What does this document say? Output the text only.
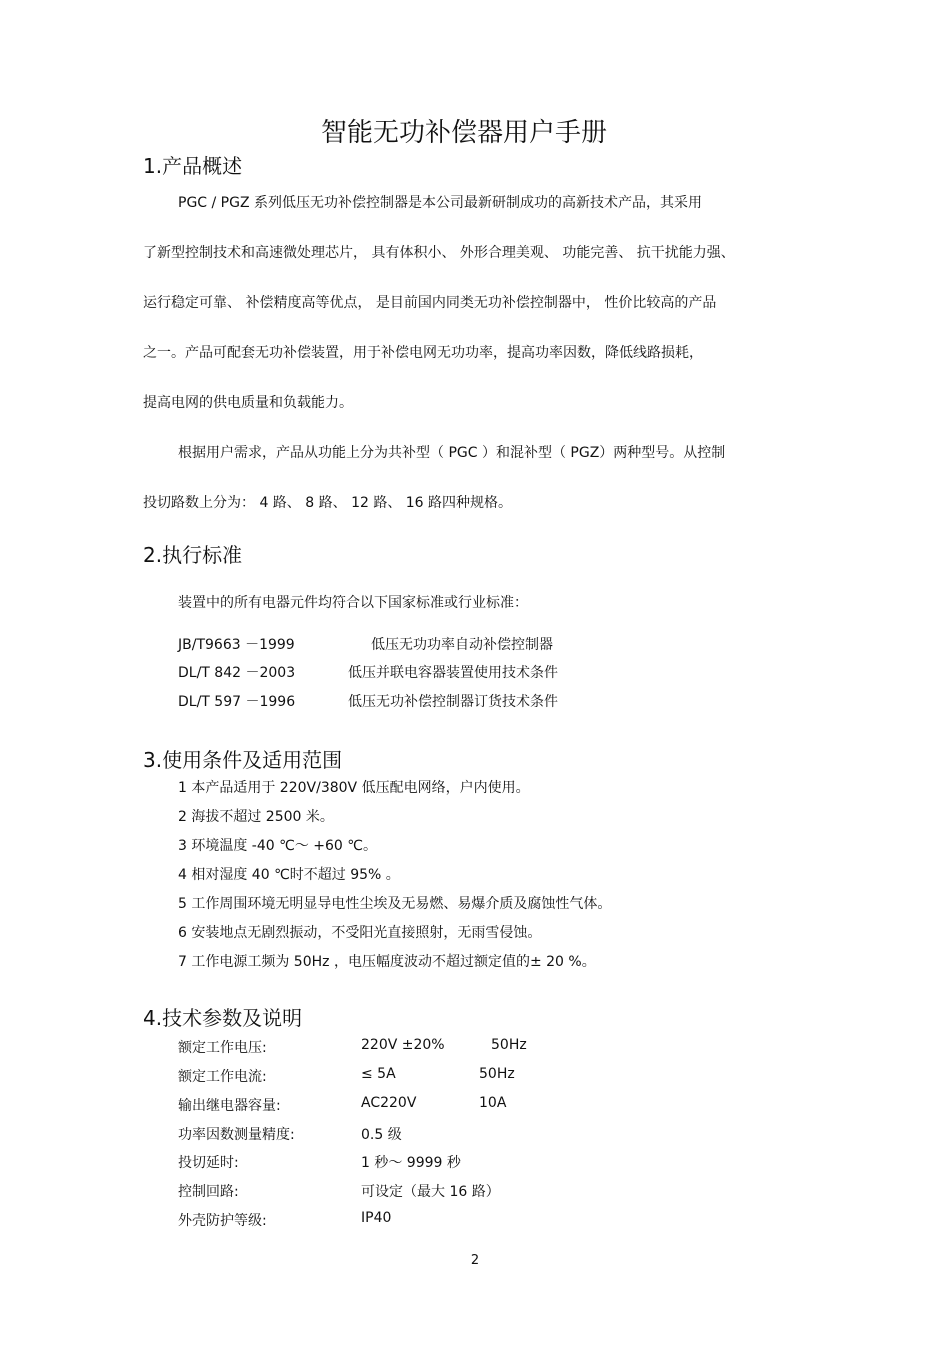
智能无功补偿器用户手册
1.产品概述
PGC / PGZ 系列低压无功补偿控制器是本公司最新研制成功的高新技术产品，其采用
了新型控制技术和高速微处理芯片， 具有体积小、 外形合理美观、 功能完善、 抗干扰能力强、
运行稳定可靠、 补偿精度高等优点， 是目前国内同类无功补偿控制器中， 性价比较高的产品
之一。产品可配套无功补偿装置，用于补偿电网无功功率，提高功率因数，降低线路损耗，
提高电网的供电质量和负载能力。
根据用户需求，产品从功能上分为共补型（ PGC ）和混补型（ PGZ）两种型号。从控制
投切路数上分为： 4 路、 8 路、 12 路、 16 路四种规格。
2.执行标准
装置中的所有电器元件均符合以下国家标准或行业标准：
JB/T9663 －1999	低压无功功率自动补偿控制器
DL/T 842 －2003	低压并联电容器装置使用技术条件
DL/T 597 －1996	低压无功补偿控制器订货技术条件
3.使用条件及适用范围
1 本产品适用于 220V/380V 低压配电网络，户内使用。
2 海拔不超过 2500 米。
3 环境温度 -40 ℃～ +60 ℃。
4 相对湿度 40 ℃时不超过 95% 。
5 工作周围环境无明显导电性尘埃及无易燃、易爆介质及腐蚀性气体。
6 安装地点无剧烈振动，不受阳光直接照射，无雨雪侵蚀。
7 工作电源工频为 50Hz ，电压幅度波动不超过额定值的± 20 %。
4.技术参数及说明
额定工作电压:	220V ±20%	50Hz
额定工作电流:	≤ 5A	50Hz
输出继电器容量:	AC220V	10A
功率因数测量精度:	0.5 级
投切延时:	1 秒～ 9999 秒
控制回路:	可设定（最大 16 路）
外壳防护等级:	IP40
2
